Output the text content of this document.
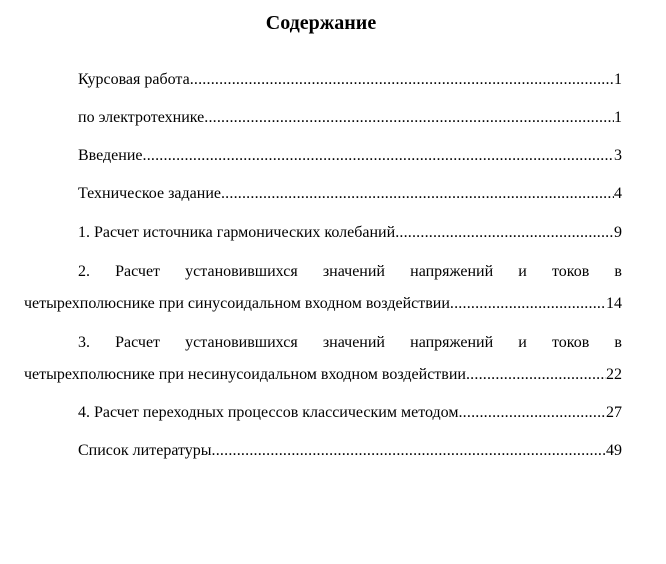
Содержание
Курсовая работа .....	1
по электротехнике .....	1
Введение .....	3
Техническое задание .....	4
1. Расчет источника гармонических колебаний .....	9
2. Расчет установившихся значений напряжений и токов в
четырехполюснике при синусоидальном входном воздействии .....	14
3. Расчет установившихся значений напряжений и токов в
четырехполюснике при несинусоидальном входном воздействии .....	22
4. Расчет переходных процессов классическим методом .....	27
Список литературы .....	49
